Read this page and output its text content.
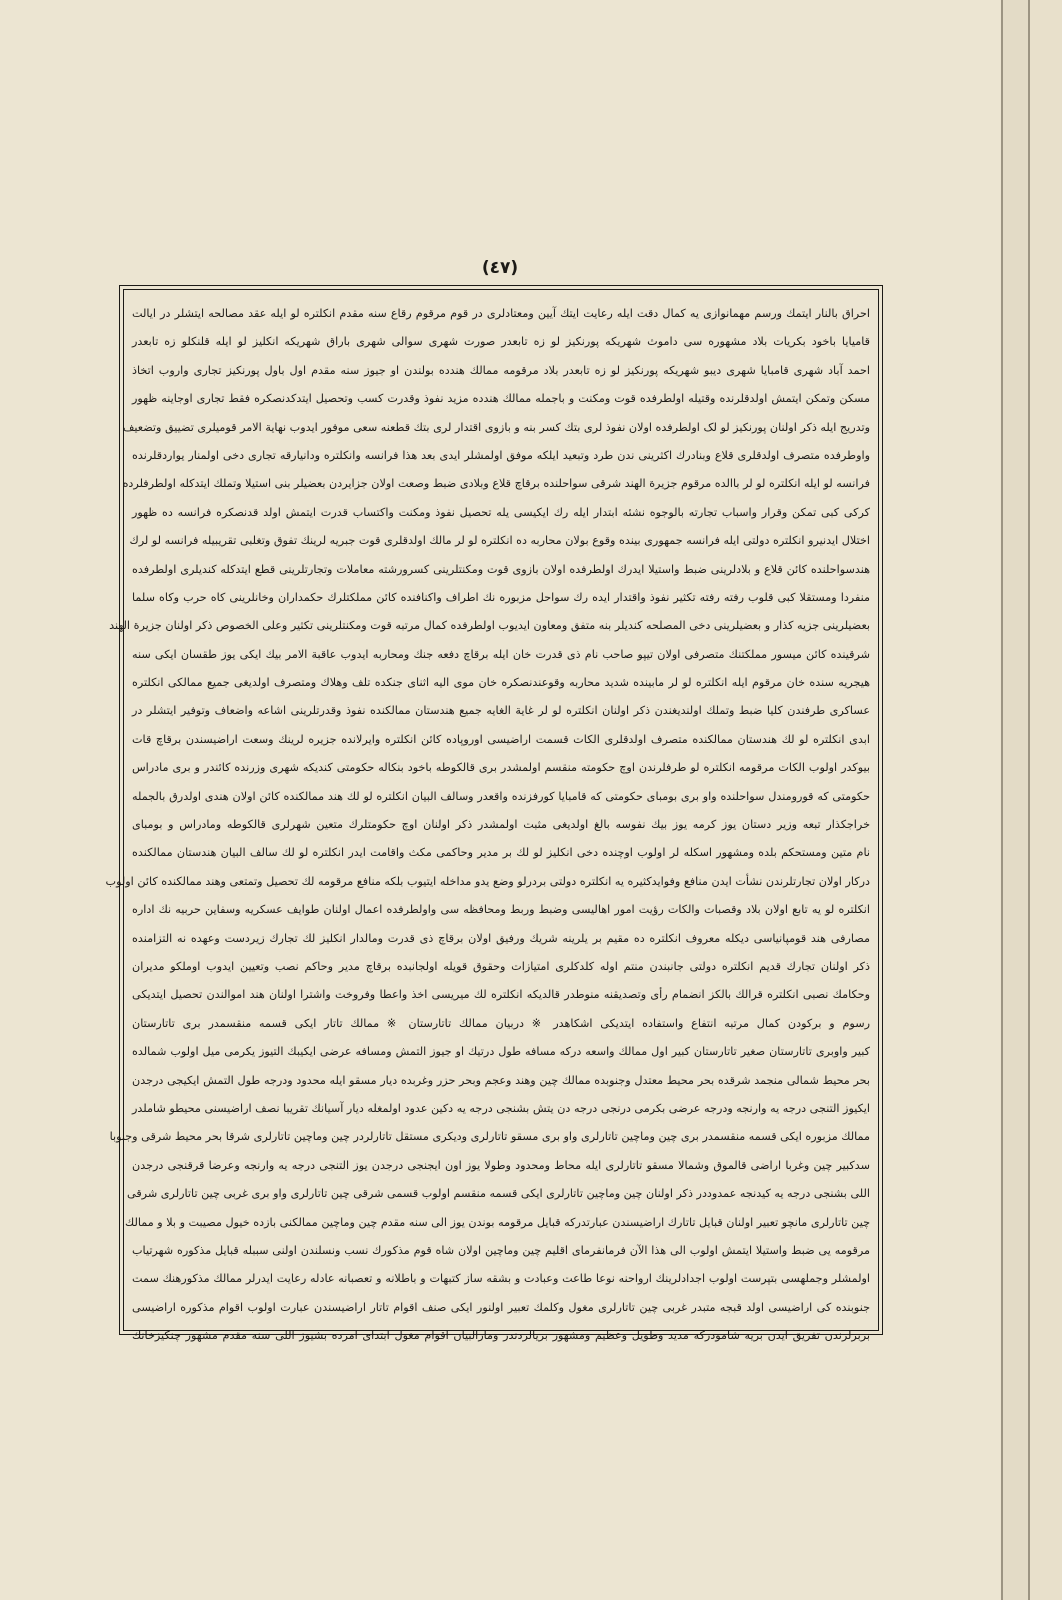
(٤٧)
احراق بالنار ایتمك ورسم مهمانوازی یه کمال دقت ایله رعایت ایتك آیین ومعتادلری در قوم مرقوم رقاع سنه مقدم انکلتره لو ایله عقد مصالحه ایتشلر در ایالت
قامیایا باخود بکریات بلاد مشهوره سی داموث شهریکه پورنکیز لو زه تابعدر صورت شهری سوالی شهری باراق شهریکه انکلیز لو ایله قلنکلو زه تابعدر
احمد آباد شهری قامبایا شهری دیبو شهریکه پورنکیز لو زه تابعدر بلاد مرقومه ممالك هندده بولندن او جیوز سنه مقدم اول باول پورنکیز تجارى واروب اتخاذ
مسکن وتمکن ایتمش اولدقلرنده وقتیله اولطرفده قوت ومکنت و باجمله ممالك هندده مزید نفوذ وقدرت کسب وتحصیل ایتدکدنصکره فقط تجاری اوجاینه ظهور
وتدریج ایله ذکر اولنان پورنکیز لو لک اولطرفده اولان نفوذ لری بتك کسر بنه و بازوی اقتدار لری بتك قطعنه سعی موفور ایدوب نهایة الامر قومیلری تضییق وتضعیف
واوطرفده متصرف اولدقلری قلاع وبنادرك اکثرینی ندن طرد وتبعید ایلکه موفق اولمشلر ایدی بعد هذا فرانسه وانکلتره ودانیارقه تجاری دخی اولمنار یواردقلرنده
فرانسه لو ایله انکلتره لو لر باالده مرقوم جزیرة الهند شرقی سواحلنده برقاچ قلاع وبلادی ضبط وصعت اولان جزایردن بعضیلر بنی استیلا وتملك ایتدکله اولطرفلرده
کرکی کبی تمکن وقرار واسباب تجارته بالوجوه نشئه ابتدار ایله رك ایکیسی یله تحصیل نفوذ ومکنت واکتساب قدرت ایتمش اولد قدنصکره فرانسه ده ظهور
اختلال ایدنیرو انکلتره دولتی ایله فرانسه جمهوری بینده وقوع بولان محاربه ده انکلتره لو لر مالك اولدقلری قوت جبریه لرینك تفوق وتغلبی تقریبیله فرانسه لو لرك
هندسواحلنده کائن قلاع و بلادلرینی ضبط واستیلا ایدرك اولطرفده اولان بازوی قوت ومکنتلرینی کسرورشته معاملات وتجارتلرینی قطع ایتدکله کندیلری اولطرفده
منفردا ومستقلا کبی قلوب رفته رفته تکثیر نفوذ واقتدار ایده رك سواحل مزبوره نك اطراف واکنافنده کائن مملکتلرك حکمداران وخانلرینی کاه حرب وکاه سلما
بعضیلرینی جزیه کذار و بعضیلرینی دخی المصلحه کندیلر بنه متفق ومعاون ایدیوب اولطرفده کمال مرتبه قوت ومکنتلرینی تکثیر وعلی الخصوص ذکر اولنان جزیرة الهند
شرقینده کائن میسور مملکتنك متصرفی اولان تیپو صاحب نام ذی قدرت خان ایله برقاچ دفعه جنك ومحاربه ایدوب عاقبة الامر بیك ایکی یوز طقسان ایکی سنه
هیجریه سنده خان مرقوم ایله انکلتره لو لر مابینده شدید محاربه وقوعندنصکره خان موی الیه اثنای جنکده تلف وهلاك ومتصرف اولدیغی جمیع ممالکی انکلتره
عساکری طرفندن کلیا ضبط وتملك اولندیغندن ذکر اولنان انکلتره لو لر غایة الغایه جمیع هندستان ممالکنده نفوذ وقدرتلرینی اشاعه واضعاف وتوفیر ایتشلر در
ابدی انکلتره لو لك هندستان ممالکنده متصرف اولدقلری الکات قسمت اراضیسی اوروپاده کائن انکلتره وایرلانده جزیره لرینك وسعت اراضیسندن برقاچ قات
بیوکدر اولوب الکات مرقومه انکلتره لو طرفلرندن اوچ حکومته منقسم اولمشدر بری قالکوطه باخود بنکاله حکومتی کندیکه شهری وزرنده کائندر و بری مادراس
حکومتی که قورومندل سواحلنده واو بری بومبای حکومتی که قامبایا کورفزنده واقعدر وسالف البیان انکلتره لو لك هند ممالکنده کائن اولان هندی اولدرق بالجمله
خراجکذار تبعه وزیر دستان یوز کرمه یوز بیك نفوسه بالغ اولدیغی مثبت اولمشدر ذکر اولنان اوچ حکومتلرك متعین شهرلری قالکوطه ومادراس و بومبای
نام متین ومستحکم بلده ومشهور اسکله لر اولوب اوچنده دخی انکلیز لو لك بر مدیر وحاکمی مکث واقامت ایدر انکلتره لو لك سالف البیان هندستان ممالکنده
درکار اولان تجارتلرندن نشأت ایدن منافع وفوایدکثیره یه انکلتره دولتی بردرلو وضع یدو مداخله ایتیوب بلکه منافع مرقومه لك تحصیل وتمتعی وهند ممالکنده کائن اولوب
انکلتره لو یه تابع اولان بلاد وقصبات والکات رؤیت امور اهالیسی وضبط وربط ومحافظه سی واولطرفده اعمال اولنان طوایف عسکریه وسفاین حربیه نك اداره
مصارفی هند قومپانیاسی دیکله معروف انکلتره ده مقیم بر یلرینه شریك ورفیق اولان برقاچ ذی قدرت ومالدار انکلیز لك تجارك زیردست وعهده نه التزامنده
ذکر اولنان تجارك قدیم انکلتره دولتی جانبندن منتم اوله کلدکلری امتیازات وحقوق قویله اولجانبده برقاچ مدیر وحاکم نصب وتعیین ایدوب اوملکو مدیران
وحکامك نصبی انکلتره قرالك بالکز انضمام رأی وتصدیقنه منوطدر قالدیکه انکلتره لك میریسی اخذ واعطا وفروخت واشترا اولنان هند اموالندن تحصیل ایتدیکی
رسوم و برکودن کمال مرتبه انتفاع واستفاده ایتدیکی اشکاهدر ※ دربیان ممالك تاتارستان ※ ممالك تاتار ایکی قسمه منقسمدر بری تاتارستان
کبیر واوبری تاتارستان صغیر تاتارستان کبیر اول ممالك واسعه درکه مسافه طول درتیك او جیوز التمش ومسافه عرضی ایکیبك التیوز یکرمی میل اولوب شمالده
بحر محیط شمالی منجمد شرقده بحر محیط معتدل وجنوبده ممالك چین وهند وعجم وبحر حزر وغربده دیار مسقو ایله محدود ودرجه طول التمش ایکیجی درجدن
ایکیوز التنجی درجه یه وارنجه ودرجه عرضی بکرمی درنجی درجه دن یتش بشنجی درجه یه دکین عدود اولمغله دیار آسیانك تقریبا نصف اراضیسنی محیطو شاملدر
ممالك مزبوره ایکی قسمه منقسمدر بری چین وماچین تاتارلری واو بری مسقو تاتارلری ودیکری مستقل تاتارلردر چین وماچین تاتارلری شرقا بحر محیط شرقی وجنوبا
سدکبیر چین وغربا اراضی قالموق وشمالا مسقو تاتارلری ایله محاط ومحدود وطولا یوز اون ایجنجی درجدن یوز التنجی درجه یه وارنجه وعرضا قرقنجی درجدن
اللی بشنجی درجه یه کیدنجه عمدوددر ذکر اولنان چین وماچین تاتارلری ایکی قسمه منقسم اولوب قسمی شرقی چین تاتارلری واو بری غربی چین تاتارلری شرقی
چین تاتارلری مانچو تعبیر اولنان قبایل تاتارك اراضیسندن عبارتدرکه قبایل مرقومه بوندن یوز الی سنه مقدم چین وماچین ممالکنی بازده خیول مصیبت و بلا و ممالك
مرقومه یی ضبط واستیلا ایتمش اولوب الی هذا الآن فرمانفرمای اقلیم چین وماچین اولان شاه قوم مذکورك نسب ونسلندن اولنی سببله قبایل مذکوره شهرتیاب
اولمشلر وجملهسی بتپرست اولوب اجدادلرینك ارواحنه نوعا طاعت وعبادت و بشقه ساز کتبهات و باطلانه و تعصبانه عادله رعایت ایدرلر ممالك مذکورهنك سمت
جنوبنده کی اراضیسی اولد قبجه متبدر غربی چین تاتارلری مغول وکلمك تعبیر اولنور ایکی صنف اقوام تاتار اراضیسندن عبارت اولوب اقوام مذکوره اراضیسی
بربرلرندن تفریق ایدن بریه شامودرکه مدید وطویل وعظیم ومشهور بریالردندر ومارالبیان اقوام مغول ابتدای امرده بشیوز اللی سنه مقدم مشهور چنکیزخانك
